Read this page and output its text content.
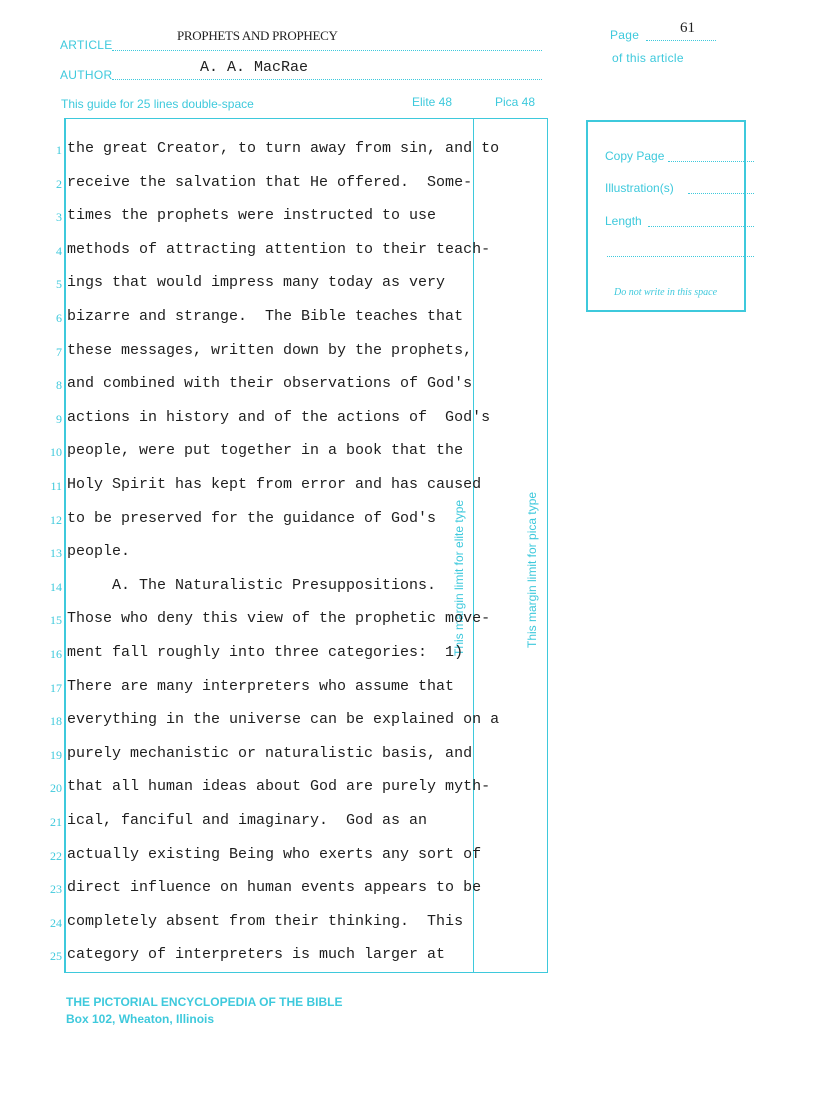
ARTICLE
PROPHETS AND PROPHECY
AUTHOR	A. A. MacRae
Page	61
of this article
This guide for 25 lines double-space	Elite 48	Pica 48
This margin limit for elite type	This margin limit for pica type
1 the great Creator, to turn away from sin, and to
2 receive the salvation that He offered.  Some-
3 times the prophets were instructed to use
4 methods of attracting attention to their teach-
5 ings that would impress many today as very
6 bizarre and strange.  The Bible teaches that
7 these messages, written down by the prophets,
8 and combined with their observations of God's
9 actions in history and of the actions of  God's
10 people, were put together in a book that the
11 Holy Spirit has kept from error and has caused
12 to be preserved for the guidance of God's
13 people.
14 A. The Naturalistic Presuppositions.
15 Those who deny this view of the prophetic move-
16 ment fall roughly into three categories:  1)
17 There are many interpreters who assume that
18 everything in the universe can be explained on a
19 purely mechanistic or naturalistic basis, and
20 that all human ideas about God are purely myth-
21 ical, fanciful and imaginary.  God as an
22 actually existing Being who exerts any sort of
23 direct influence on human events appears to be
24 completely absent from their thinking.  This
25 category of interpreters is much larger at
Copy Page
Illustration(s)
Length
Do not write in this space
THE PICTORIAL ENCYCLOPEDIA OF THE BIBLE
Box 102, Wheaton, Illinois
